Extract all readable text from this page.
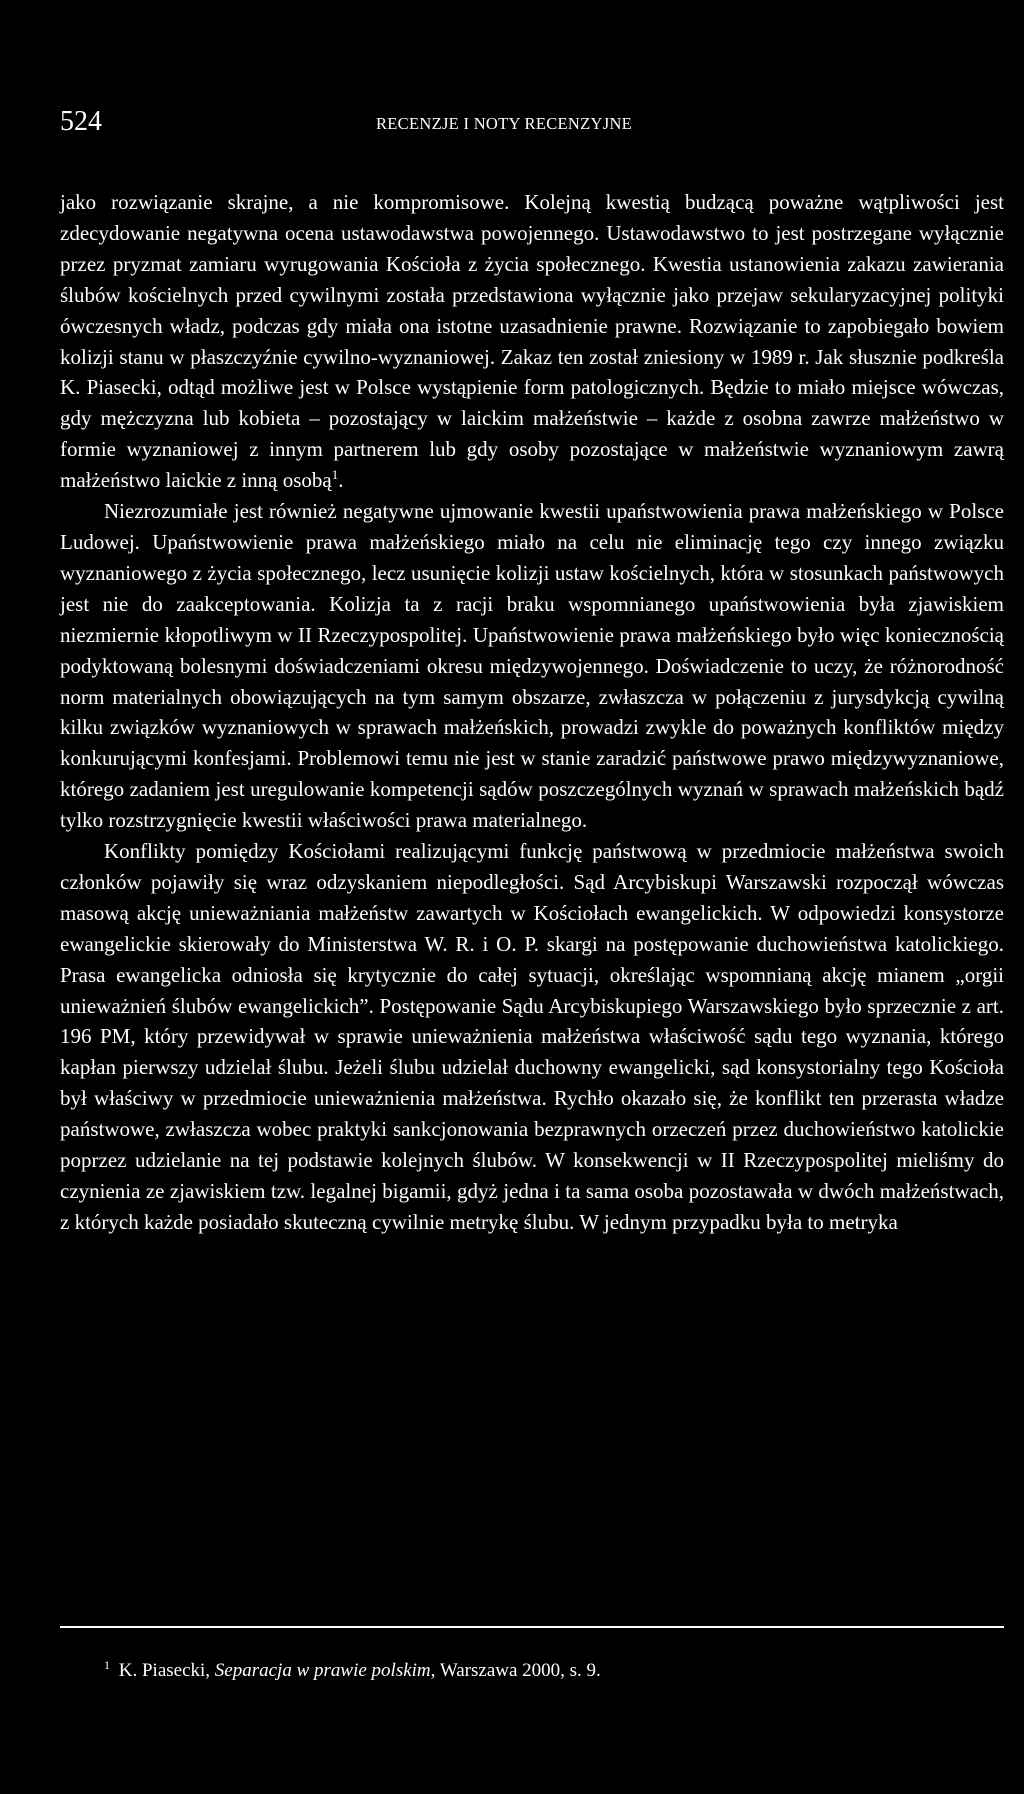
524	RECENZJE I NOTY RECENZYJNE

jako rozwiązanie skrajne, a nie kompromisowe. Kolejną kwestią budzącą poważne wątpliwości jest zdecydowanie negatywna ocena ustawodawstwa powojennego. Ustawodawstwo to jest postrzegane wyłącznie przez pryzmat zamiaru wyrugowania Kościoła z życia społecznego. Kwestia ustanowienia zakazu zawierania ślubów kościelnych przed cywilnymi została przedstawiona wyłącznie jako przejaw sekularyzacyjnej polityki ówczesnych władz, podczas gdy miała ona istotne uzasadnienie prawne. Rozwiązanie to zapobiegało bowiem kolizji stanu w płaszczyźnie cywilno-wyznaniowej. Zakaz ten został zniesiony w 1989 r. Jak słusznie podkreśla K. Piasecki, odtąd możliwe jest w Polsce wystąpienie form patologicznych. Będzie to miało miejsce wówczas, gdy mężczyzna lub kobieta – pozostający w laickim małżeństwie – każde z osobna zawrze małżeństwo w formie wyznaniowej z innym partnerem lub gdy osoby pozostające w małżeństwie wyznaniowym zawrą małżeństwo laickie z inną osobą$^1$.

Niezrozumiałe jest również negatywne ujmowanie kwestii upaństwowienia prawa małżeńskiego w Polsce Ludowej. Upaństwowienie prawa małżeńskiego miało na celu nie eliminację tego czy innego związku wyznaniowego z życia społecznego, lecz usunięcie kolizji ustaw kościelnych, która w stosunkach państwowych jest nie do zaakceptowania. Kolizja ta z racji braku wspomnianego upaństwowienia była zjawiskiem niezmiernie kłopotliwym w II Rzeczypospolitej. Upaństwowienie prawa małżeńskiego było więc koniecznością podyktowaną bolesnymi doświadczeniami okresu międzywojennego. Doświadczenie to uczy, że różnorodność norm materialnych obowiązujących na tym samym obszarze, zwłaszcza w połączeniu z jurysdykcją cywilną kilku związków wyznaniowych w sprawach małżeńskich, prowadzi zwykle do poważnych konfliktów między konkurującymi konfesjami. Problemowi temu nie jest w stanie zaradzić państwowe prawo międzywyznaniowe, którego zadaniem jest uregulowanie kompetencji sądów poszczególnych wyznań w sprawach małżeńskich bądź tylko rozstrzygnięcie kwestii właściwości prawa materialnego.

Konflikty pomiędzy Kościołami realizującymi funkcję państwową w przedmiocie małżeństwa swoich członków pojawiły się wraz odzyskaniem niepodległości. Sąd Arcybiskupi Warszawski rozpoczął wówczas masową akcję unieważniania małżeństw zawartych w Kościołach ewangelickich. W odpowiedzi konsystorze ewangelickie skierowały do Ministerstwa W. R. i O. P. skargi na postępowanie duchowieństwa katolickiego. Prasa ewangelicka odniosła się krytycznie do całej sytuacji, określając wspomnianą akcję mianem „orgii unieważnień ślubów ewangelickich”. Postępowanie Sądu Arcybiskupiego Warszawskiego było sprzecznie z art. 196 PM, który przewidywał w sprawie unieważnienia małżeństwa właściwość sądu tego wyznania, którego kapłan pierwszy udzielał ślubu. Jeżeli ślubu udzielał duchowny ewangelicki, sąd konsystorialny tego Kościoła był właściwy w przedmiocie unieważnienia małżeństwa. Rychło okazało się, że konflikt ten przerasta władze państwowe, zwłaszcza wobec praktyki sankcjonowania bezprawnych orzeczeń przez duchowieństwo katolickie poprzez udzielanie na tej podstawie kolejnych ślubów. W konsekwencji w II Rzeczypospolitej mieliśmy do czynienia ze zjawiskiem tzw. legalnej bigamii, gdyż jedna i ta sama osoba pozostawała w dwóch małżeństwach, z których każde posiadało skuteczną cywilnie metrykę ślubu. W jednym przypadku była to metryka

$^1$ K. Piasecki, Separacja w prawie polskim, Warszawa 2000, s. 9.
